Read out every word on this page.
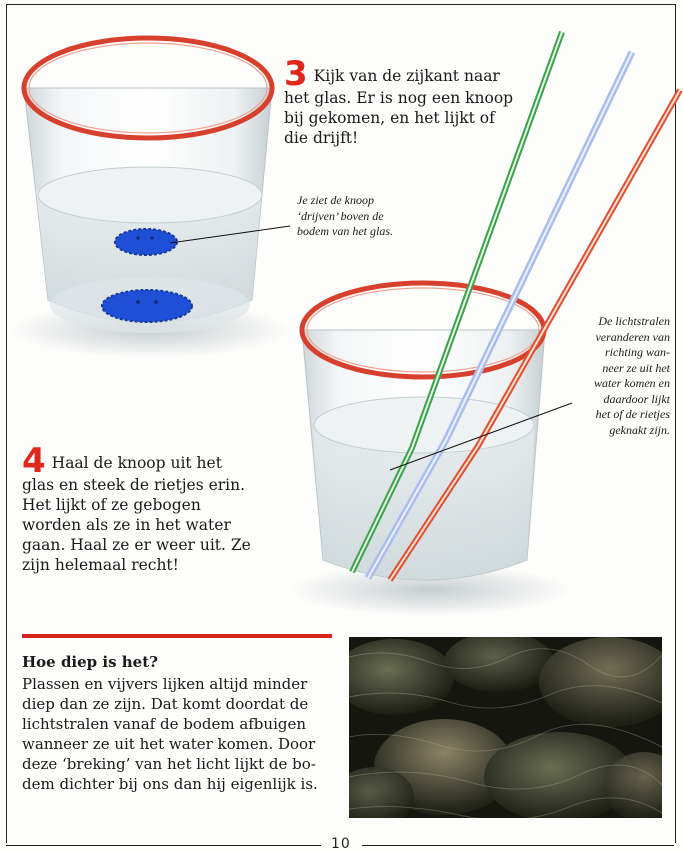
3 Kijk van de zijkant naar
het glas. Er is nog een knoop
bij gekomen, en het lijkt of
die drijft!
Je ziet de knoop
‘drijven’ boven de
bodem van het glas.
De lichtstralen
veranderen van
richting wan-
neer ze uit het
water komen en
daardoor lijkt
het of de rietjes
geknakt zijn.
4 Haal de knoop uit het
glas en steek de rietjes erin.
Het lijkt of ze gebogen
worden als ze in het water
gaan. Haal ze er weer uit. Ze
zijn helemaal recht!
Hoe diep is het?
Plassen en vijvers lijken altijd minder
diep dan ze zijn. Dat komt doordat de
lichtstralen vanaf de bodem afbuigen
wanneer ze uit het water komen. Door
deze ‘breking’ van het licht lijkt de bo-
dem dichter bij ons dan hij eigenlijk is.
10
